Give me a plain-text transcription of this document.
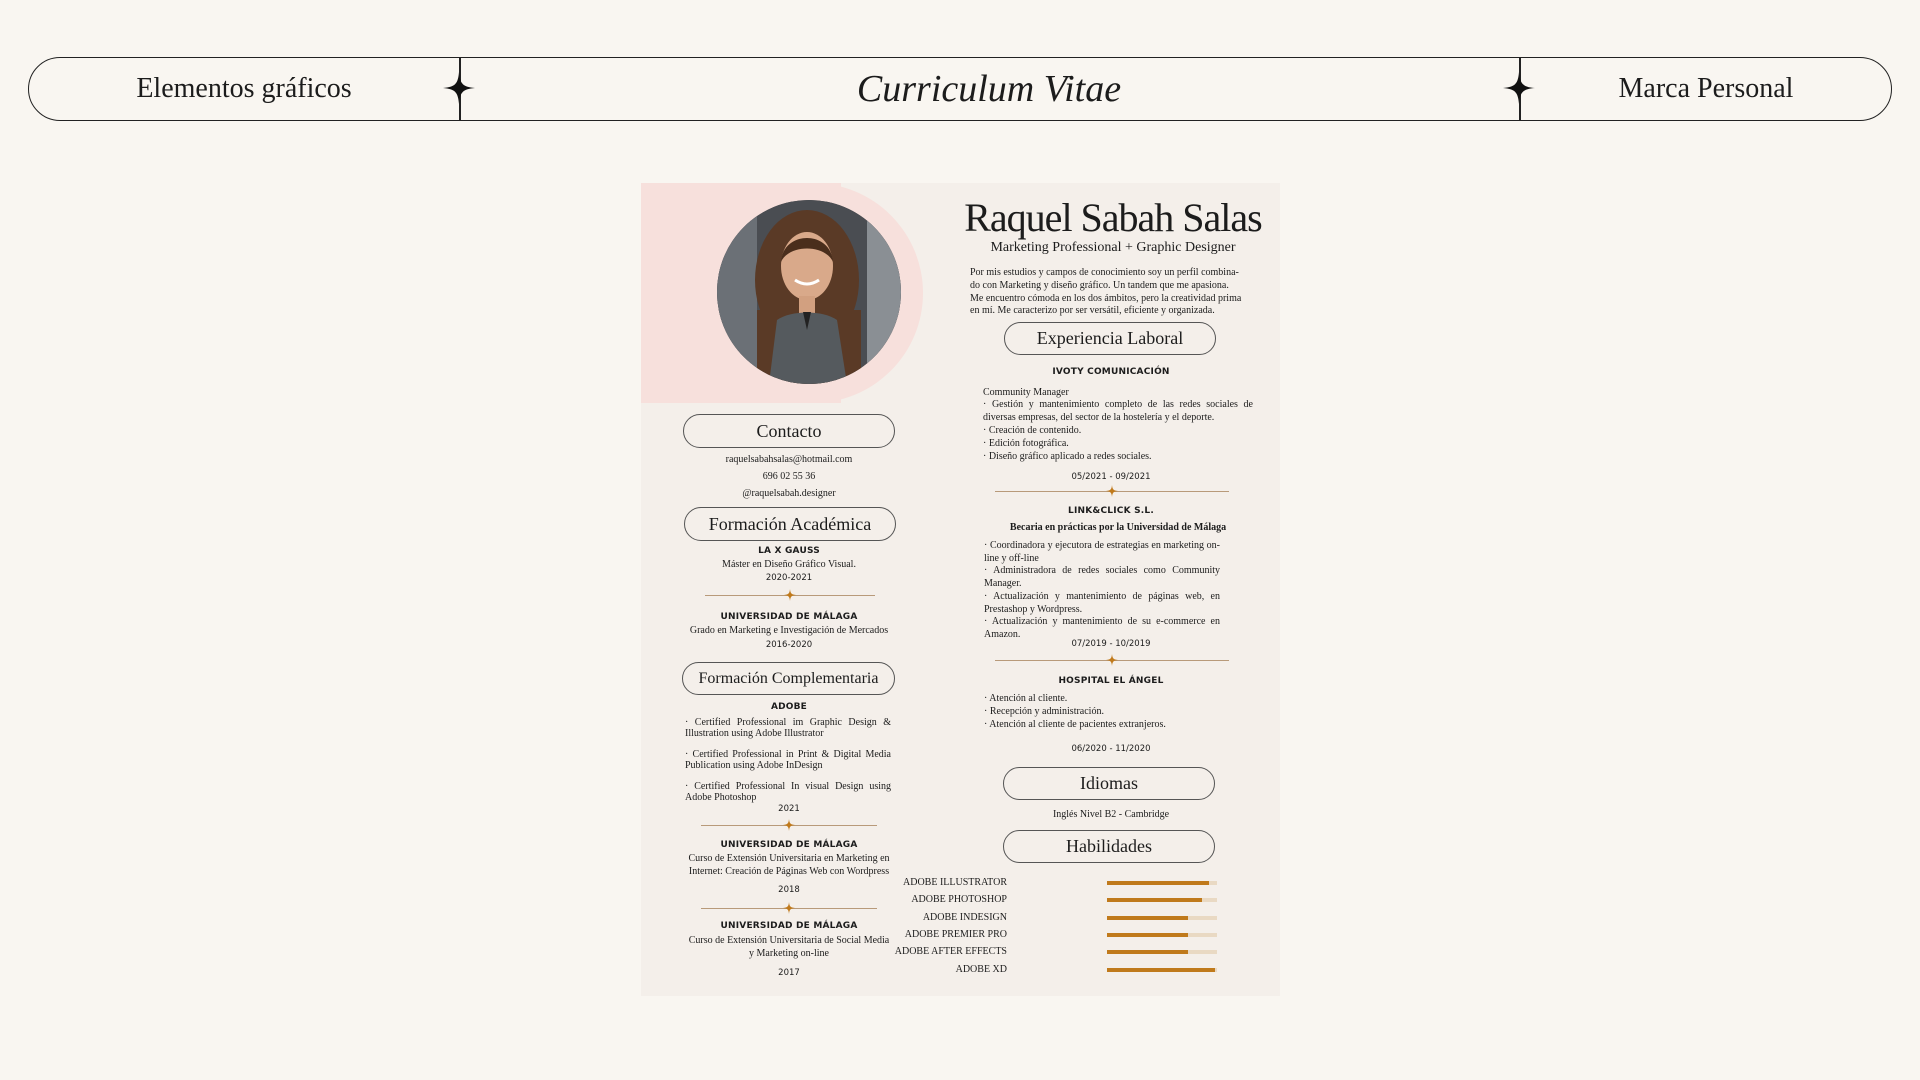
Elementos gráficos	Curriculum Vitae	Marca Personal
Contacto
raquelsabahsalas@hotmail.com
696 02 55 36
@raquelsabah.designer
Formación Académica
LA X GAUSS
Máster en Diseño Gráfico Visual.
2020-2021
UNIVERSIDAD DE MÁLAGA
Grado en Marketing e Investigación de Mercados
2016-2020
Formación Complementaria
ADOBE
· Certified Professional im Graphic Design & Illustration using Adobe Illustrator
· Certified Professional in Print & Digital Media Publication using Adobe InDesign
· Certified Professional In visual Design using Adobe Photoshop
2021
UNIVERSIDAD DE MÁLAGA
Curso de Extensión Universitaria en Marketing en
Internet: Creación de Páginas Web con Wordpress
2018
UNIVERSIDAD DE MÁLAGA
Curso de Extensión Universitaria de Social Media
y Marketing on-line
2017
Raquel Sabah Salas
Marketing Professional + Graphic Designer
Por mis estudios y campos de conocimiento soy un perfil combina-
do con Marketing y diseño gráfico. Un tandem que me apasiona.
Me encuentro cómoda en los dos ámbitos, pero la creatividad prima
en mí. Me caracterizo por ser versátil, eficiente y organizada.
Experiencia Laboral
IVOTY COMUNICACIÓN
Community Manager
· Gestión y mantenimiento completo de las redes sociales de diversas empresas, del sector de la hostelería y el deporte.
· Creación de contenido.
· Edición fotográfica.
· Diseño gráfico aplicado a redes sociales.
05/2021 - 09/2021
LINK&CLICK S.L.
Becaria en prácticas por la Universidad de Málaga
· Coordinadora y ejecutora de estrategias en marketing on-line y off-line
· Administradora de redes sociales como Community Manager.
· Actualización y mantenimiento de páginas web, en Prestashop y Wordpress.
· Actualización y mantenimiento de su e-commerce en Amazon.
07/2019 - 10/2019
HOSPITAL EL ÁNGEL
· Atención al cliente.
· Recepción y administración.
· Atención al cliente de pacientes extranjeros.
06/2020 - 11/2020
Idiomas
Inglés Nivel B2 - Cambridge
Habilidades
ADOBE ILLUSTRATOR
ADOBE PHOTOSHOP
ADOBE INDESIGN
ADOBE PREMIER PRO
ADOBE AFTER EFFECTS
ADOBE XD
